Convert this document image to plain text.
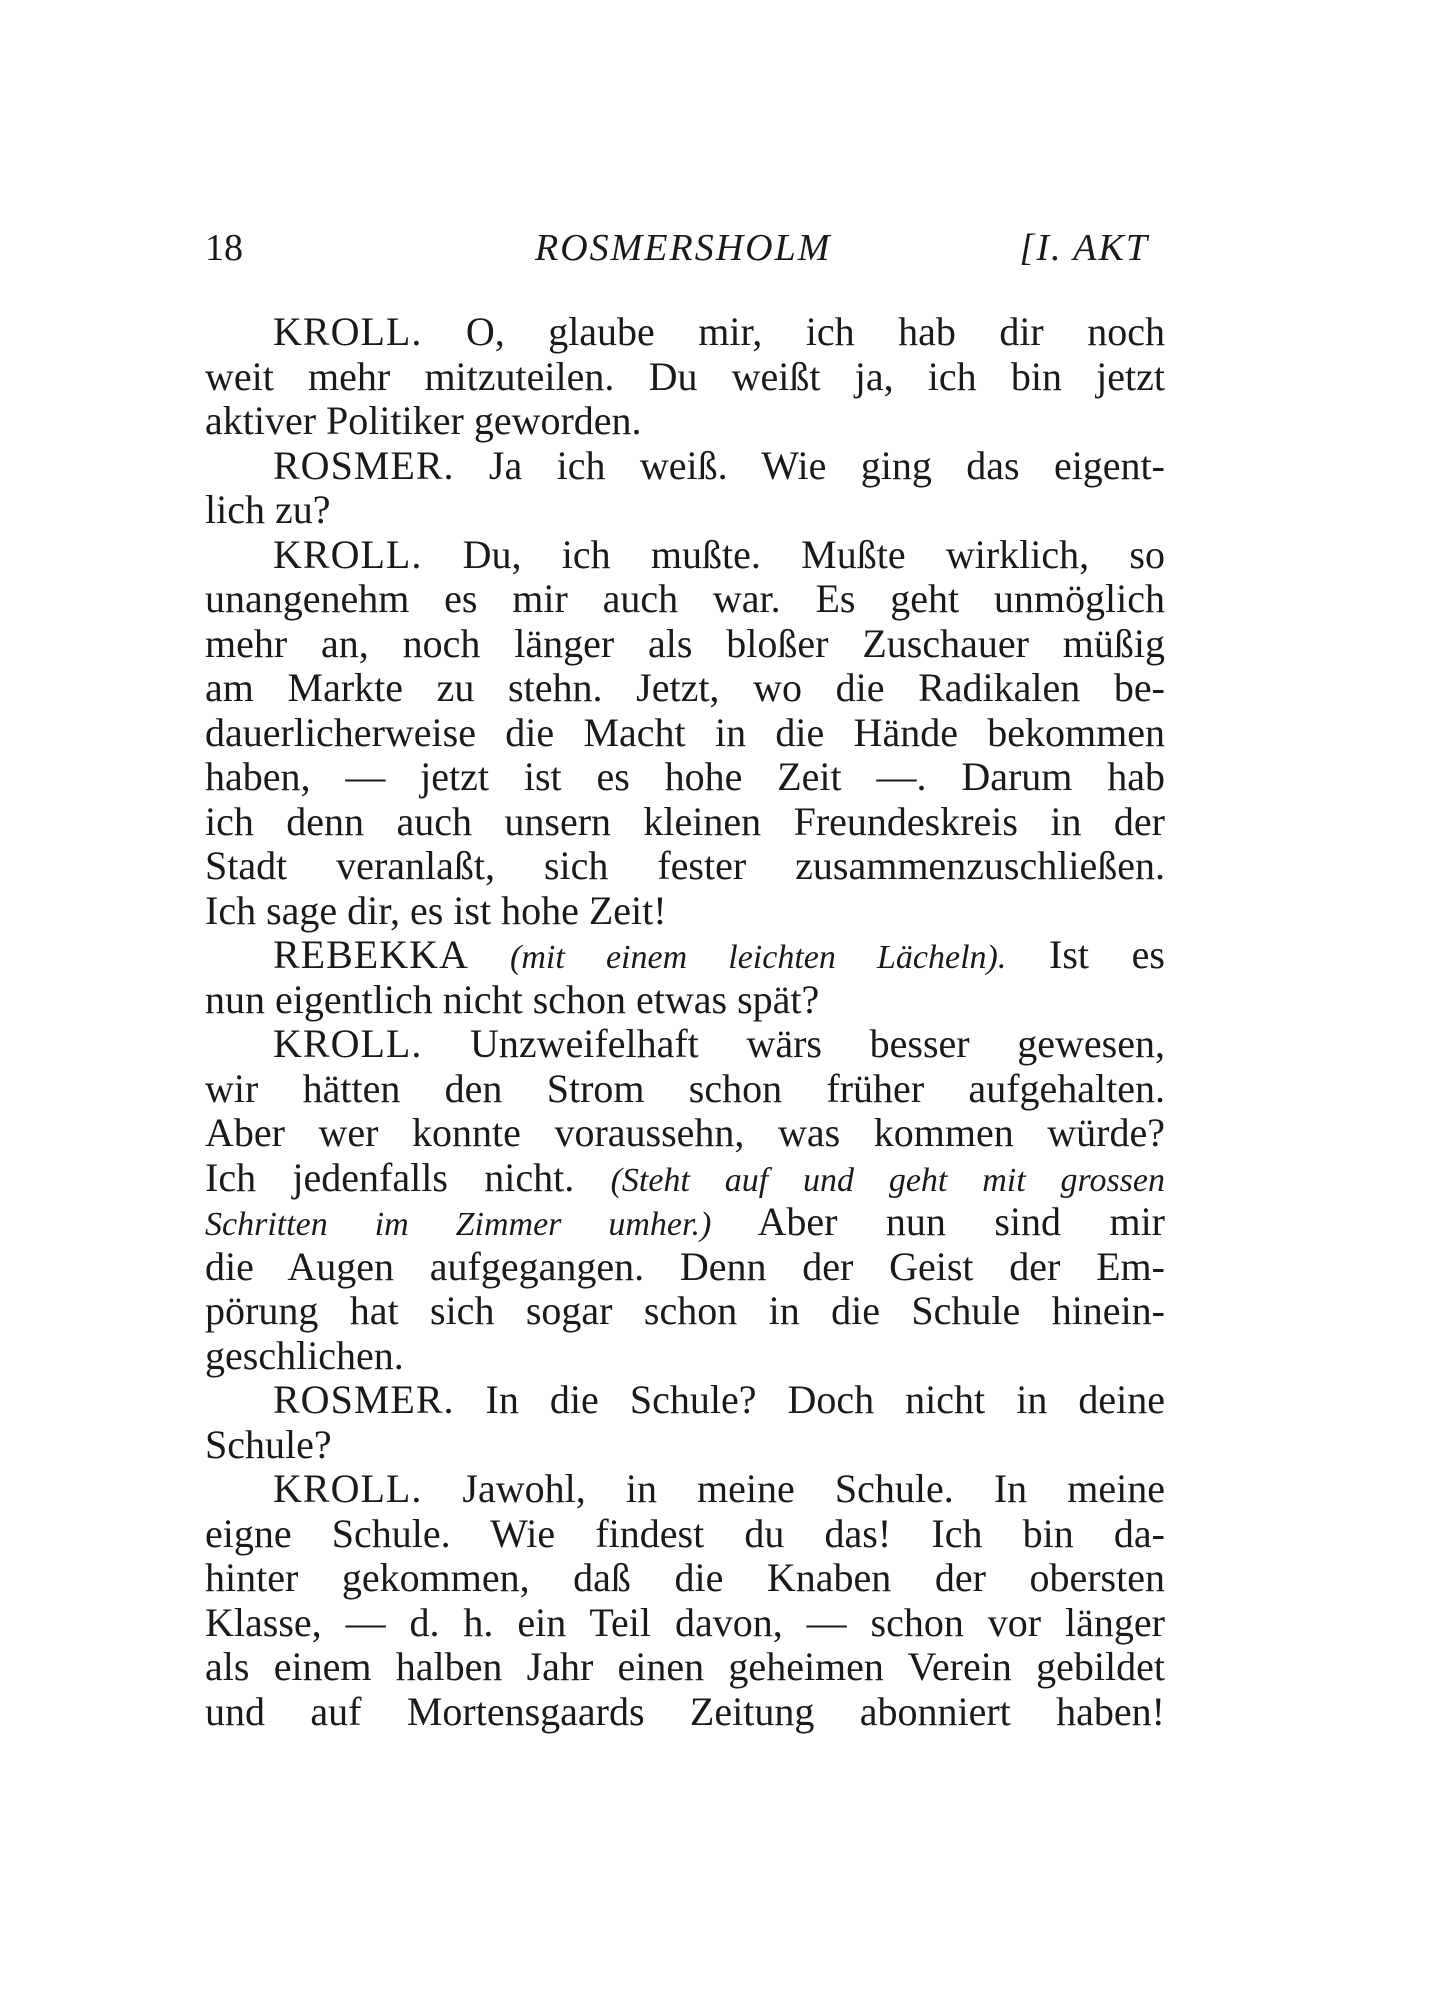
18	ROSMERSHOLM	[I. AKT
KROLL. O, glaube mir, ich hab dir noch
weit mehr mitzuteilen. Du weißt ja, ich bin jetzt
aktiver Politiker geworden.
ROSMER. Ja ich weiß. Wie ging das eigent-
lich zu?
KROLL. Du, ich mußte. Mußte wirklich, so
unangenehm es mir auch war. Es geht unmöglich
mehr an, noch länger als bloßer Zuschauer müßig
am Markte zu stehn. Jetzt, wo die Radikalen be-
dauerlicherweise die Macht in die Hände bekommen
haben, — jetzt ist es hohe Zeit —. Darum hab
ich denn auch unsern kleinen Freundeskreis in der
Stadt veranlaßt, sich fester zusammenzuschließen.
Ich sage dir, es ist hohe Zeit!
REBEKKA (mit einem leichten Lächeln). Ist es
nun eigentlich nicht schon etwas spät?
KROLL. Unzweifelhaft wärs besser gewesen,
wir hätten den Strom schon früher aufgehalten.
Aber wer konnte voraussehn, was kommen würde?
Ich jedenfalls nicht. (Steht auf und geht mit grossen
Schritten im Zimmer umher.) Aber nun sind mir
die Augen aufgegangen. Denn der Geist der Em-
pörung hat sich sogar schon in die Schule hinein-
geschlichen.
ROSMER. In die Schule? Doch nicht in deine
Schule?
KROLL. Jawohl, in meine Schule. In meine
eigne Schule. Wie findest du das! Ich bin da-
hinter gekommen, daß die Knaben der obersten
Klasse, — d. h. ein Teil davon, — schon vor länger
als einem halben Jahr einen geheimen Verein gebildet
und auf Mortensgaards Zeitung abonniert haben!
